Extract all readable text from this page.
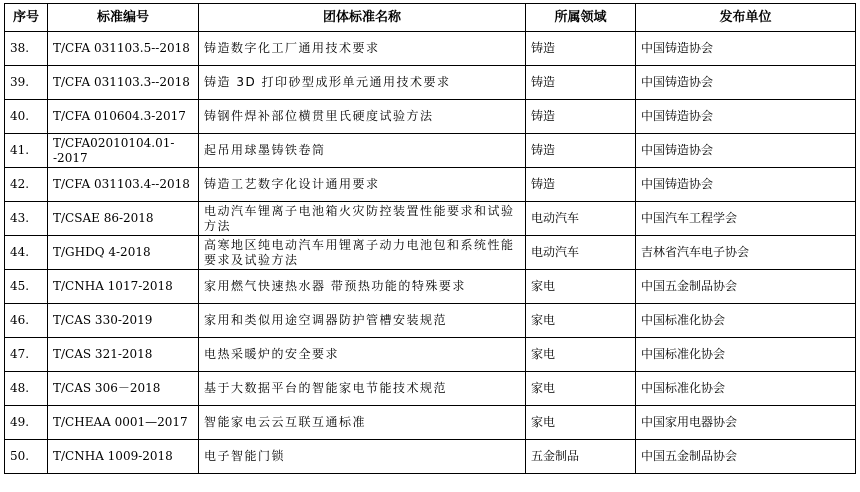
序号	标准编号	团体标准名称	所属领域	发布单位
38.	T/CFA 031103.5--2018	铸造数字化工厂通用技术要求	铸造	中国铸造协会
39.	T/CFA 031103.3--2018	铸造 3D 打印砂型成形单元通用技术要求	铸造	中国铸造协会
40.	T/CFA 010604.3-2017	铸钢件焊补部位横贯里氏硬度试验方法	铸造	中国铸造协会
41.	T/CFA02010104.01--2017	起吊用球墨铸铁卷筒	铸造	中国铸造协会
42.	T/CFA 031103.4--2018	铸造工艺数字化设计通用要求	铸造	中国铸造协会
43.	T/CSAE 86-2018	电动汽车锂离子电池箱火灾防控装置性能要求和试验方法	电动汽车	中国汽车工程学会
44.	T/GHDQ 4-2018	高寒地区纯电动汽车用锂离子动力电池包和系统性能要求及试验方法	电动汽车	吉林省汽车电子协会
45.	T/CNHA 1017-2018	家用燃气快速热水器 带预热功能的特殊要求	家电	中国五金制品协会
46.	T/CAS 330-2019	家用和类似用途空调器防护管槽安装规范	家电	中国标准化协会
47.	T/CAS 321-2018	电热采暖炉的安全要求	家电	中国标准化协会
48.	T/CAS 306－2018	基于大数据平台的智能家电节能技术规范	家电	中国标准化协会
49.	T/CHEAA 0001—2017	智能家电云云互联互通标准	家电	中国家用电器协会
50.	T/CNHA 1009-2018	电子智能门锁	五金制品	中国五金制品协会
